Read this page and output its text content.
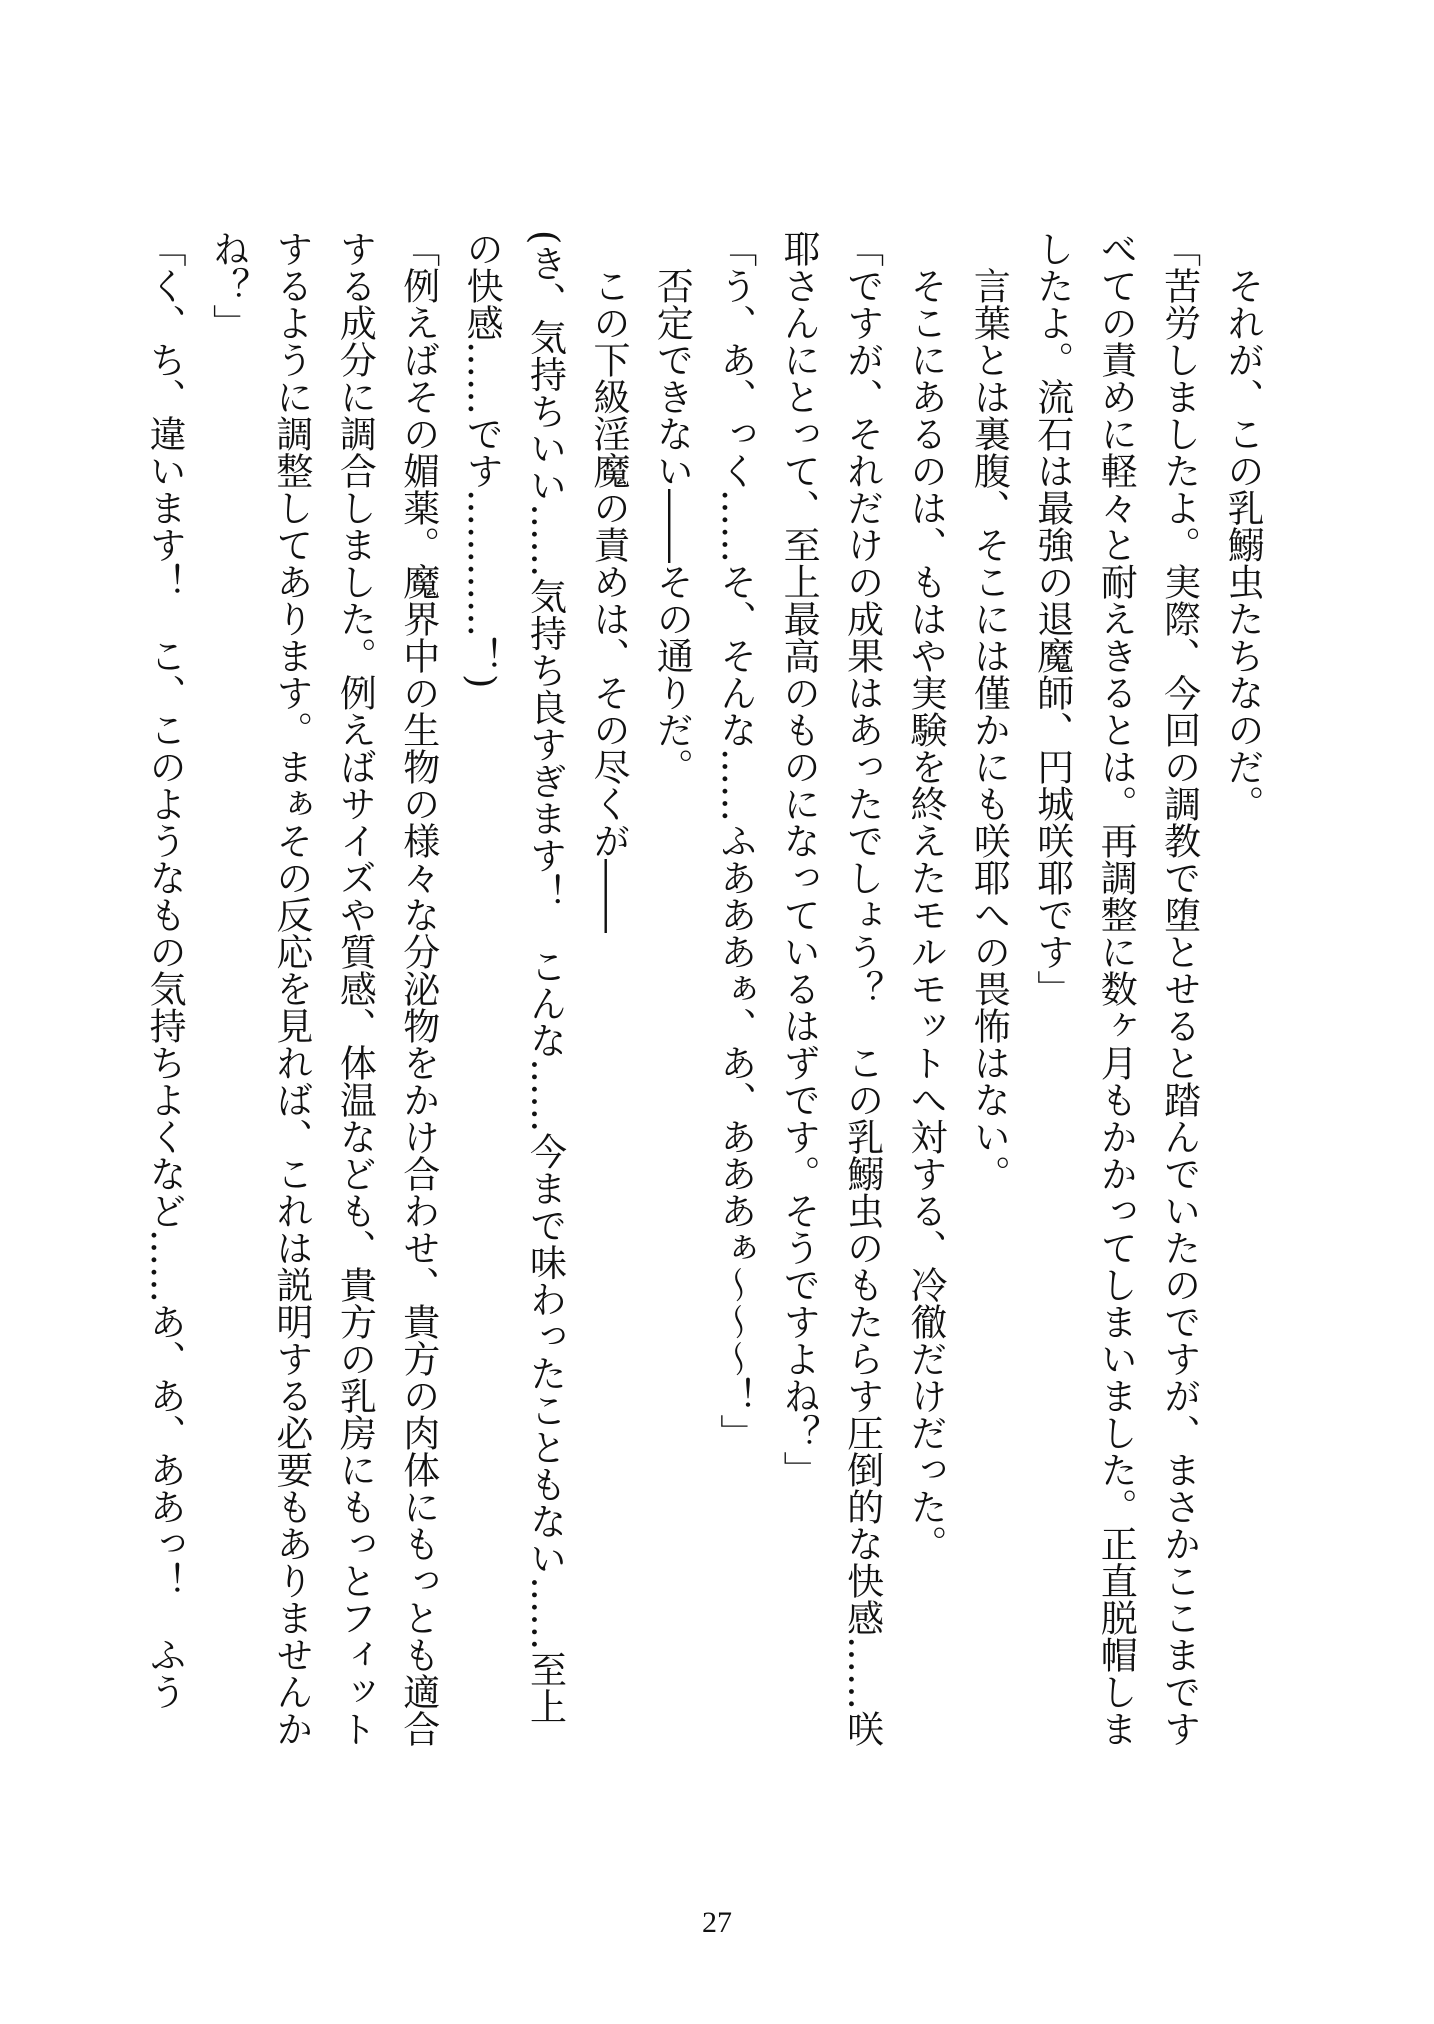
それが、この乳鰯虫たちなのだ。
「苦労しましたよ。実際、今回の調教で堕とせると踏んでいたのですが、まさかここまですべての責めに軽々と耐えきるとは。再調整に数ヶ月もかかってしまいました。正直脱帽しましたよ。流石は最強の退魔師、円城咲耶です」
言葉とは裏腹、そこには僅かにも咲耶への畏怖はない。
そこにあるのは、もはや実験を終えたモルモットへ対する、冷徹だけだった。
「ですが、それだけの成果はあったでしょう？　この乳鰯虫のもたらす圧倒的な快感……咲耶さんにとって、至上最高のものになっているはずです。そうですよね？」
「う、あ、っく……そ、そんな……ふあああぁ、あ、あああぁ〜〜〜！」
否定できない――その通りだ。
この下級淫魔の責めは、その尽くが――
(き、気持ちいい……気持ち良すぎます！　こんな……今まで味わったこともない……至上の快感……です…………！)
「例えばその媚薬。魔界中の生物の様々な分泌物をかけ合わせ、貴方の肉体にもっとも適合する成分に調合しました。例えばサイズや質感、体温なども、貴方の乳房にもっとフィットするように調整してあります。まぁその反応を見れば、これは説明する必要もありませんかね？」
「く、ち、違います！　こ、このようなもの気持ちよくなど……あ、あ、ああっ！　ふう
27
